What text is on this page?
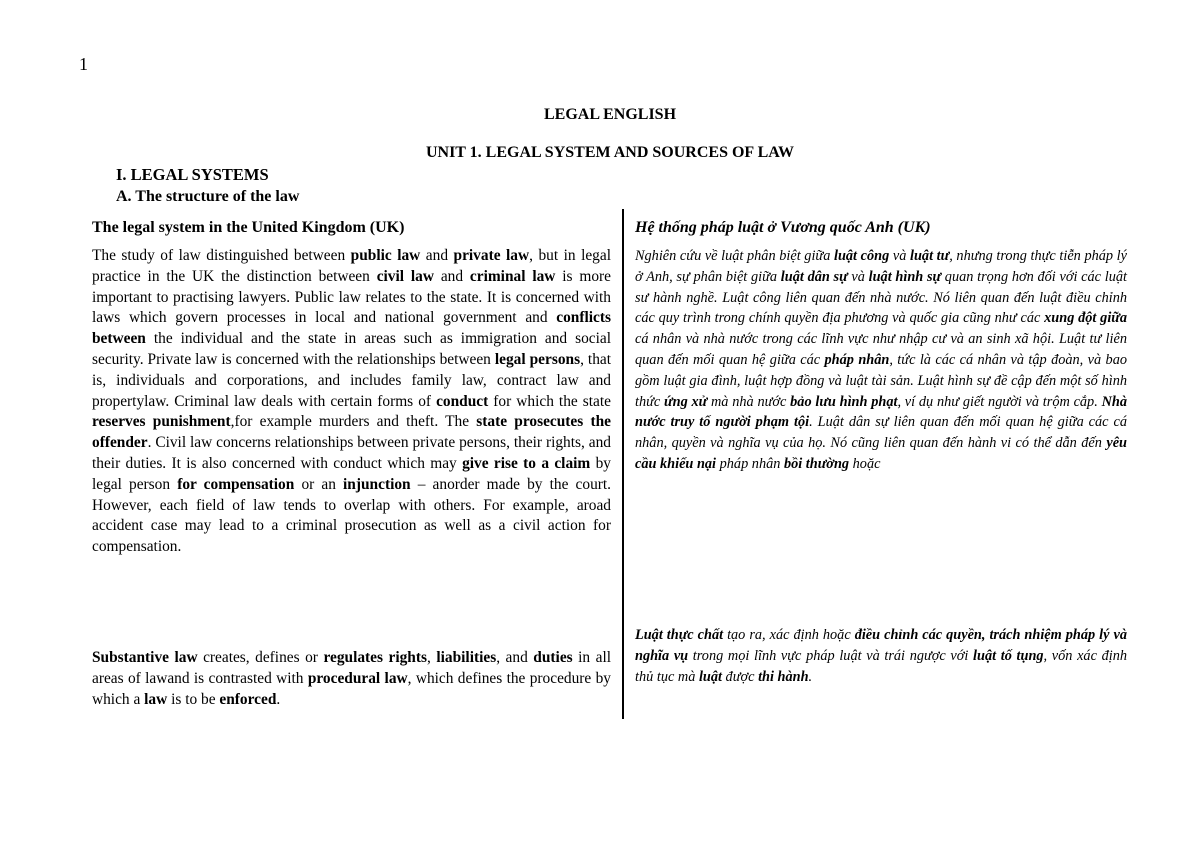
1
LEGAL ENGLISH
UNIT 1. LEGAL SYSTEM AND SOURCES OF LAW
I. LEGAL SYSTEMS
A. The structure of the law
The legal system in the United Kingdom (UK)

The study of law distinguished between public law and private law, but in legal practice in the UK the distinction between civil law and criminal law is more important to practising lawyers. Public law relates to the state. It is concerned with laws which govern processes in local and national government and conflicts between the individual and the state in areas such as immigration and social security. Private law is concerned with the relationships between legal persons, that is, individuals and corporations, and includes family law, contract law and propertylaw. Criminal law deals with certain forms of conduct for which the state reserves punishment,for example murders and theft. The state prosecutes the offender. Civil law concerns relationships between private persons, their rights, and their duties. It is also concerned with conduct which may give rise to a claim by legal person for compensation or an injunction – anorder made by the court. However, each field of law tends to overlap with others. For example, aroad accident case may lead to a criminal prosecution as well as a civil action for compensation.

Substantive law creates, defines or regulates rights, liabilities, and duties in all areas of lawand is contrasted with procedural law, which defines the procedure by which a law is to be enforced.

Hệ thống pháp luật ở Vương quốc Anh (UK)

Nghiên cứu về luật phân biệt giữa luật công và luật tư, nhưng trong thực tiễn pháp lý ở Anh, sự phân biệt giữa luật dân sự và luật hình sự quan trọng hơn đối với các luật sư hành nghề. Luật công liên quan đến nhà nước. Nó liên quan đến luật điều chỉnh các quy trình trong chính quyền địa phương và quốc gia cũng như các xung đột giữa cá nhân và nhà nước trong các lĩnh vực như nhập cư và an sinh xã hội. Luật tư liên quan đến mối quan hệ giữa các pháp nhân, tức là các cá nhân và tập đoàn, và bao gồm luật gia đình, luật hợp đồng và luật tài sản. Luật hình sự đề cập đến một số hình thức ứng xử mà nhà nước bảo lưu hình phạt, ví dụ như giết người và trộm cắp. Nhà nước truy tố người phạm tội. Luật dân sự liên quan đến mối quan hệ giữa các cá nhân, quyền và nghĩa vụ của họ. Nó cũng liên quan đến hành vi có thể dẫn đến yêu cầu khiếu nại pháp nhân bồi thường hoặc

Luật thực chất tạo ra, xác định hoặc điều chỉnh các quyền, trách nhiệm pháp lý và nghĩa vụ trong mọi lĩnh vực pháp luật và trái ngược với luật tố tụng, vốn xác định thủ tục mà luật được thi hành.
